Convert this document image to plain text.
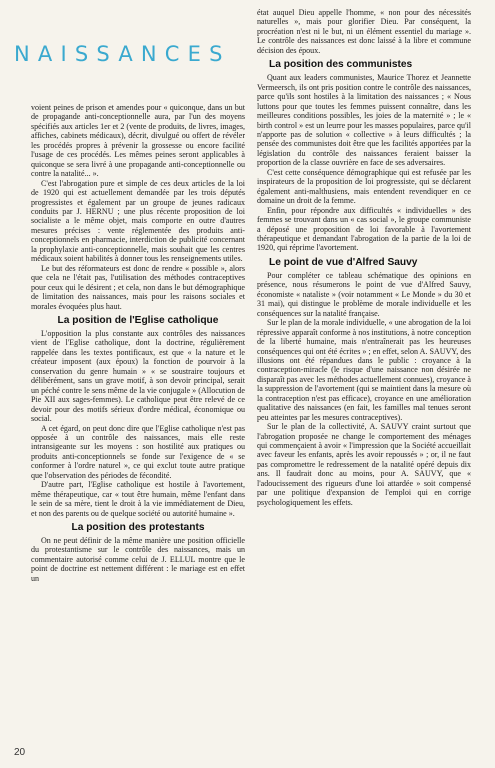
NAISSANCES

voient peines de prison et amendes pour « quiconque, dans un but de propagande anti-conceptionnelle aura, par l'un des moyens spécifiés aux articles 1er et 2 (vente de produits, de livres, images, affiches, cabinets médicaux), décrit, divulgué ou offert de révéler les procédés propres à prévenir la grossesse ou encore facilité l'usage de ces procédés. Les mêmes peines seront applicables à quiconque se sera livré à une propagande anti-conceptionnelle ou contre la natalité... ».

C'est l'abrogation pure et simple de ces deux articles de la loi de 1920 qui est actuellement demandée par les trois députés progressistes et également par un groupe de jeunes radicaux conduits par J. HERNU ; une plus récente proposition de loi socialiste a le même objet, mais comporte en outre d'autres mesures précises : vente réglementée des produits anti-conceptionnels en pharmacie, interdiction de publicité concernant la prophylaxie anti-conceptionnelle, mais souhait que les centres médicaux soient habilités à donner tous les renseignements utiles.

Le but des réformateurs est donc de rendre « possible », alors que cela ne l'était pas, l'utilisation des méthodes contraceptives pour ceux qui le désirent ; et cela, non dans le but démographique de limitation des naissances, mais pour les raisons sociales et morales évoquées plus haut.

La position de l'Eglise catholique

L'opposition la plus constante aux contrôles des naissances vient de l'Eglise catholique, dont la doctrine, régulièrement rappelée dans les textes pontificaux, est que « la nature et le créateur imposent (aux époux) la fonction de pourvoir à la conservation du genre humain » « se soustraire toujours et délibérément, sans un grave motif, à son devoir principal, serait un péché contre le sens même de la vie conjugale » (Allocution de Pie XII aux sages-femmes). Le catholique peut être relevé de ce devoir pour des motifs sérieux d'ordre médical, économique ou social.

A cet égard, on peut donc dire que l'Eglise catholique n'est pas opposée à un contrôle des naissances, mais elle reste intransigeante sur les moyens : son hostilité aux pratiques ou produits anti-conceptionnels se fonde sur l'exigence de « se conformer à l'ordre naturel », ce qui exclut toute autre pratique que l'observation des périodes de fécondité.

D'autre part, l'Eglise catholique est hostile à l'avortement, même thérapeutique, car « tout être humain, même l'enfant dans le sein de sa mère, tient le droit à la vie immédiatement de Dieu, et non des parents ou de quelque société ou autorité humaine ».

La position des protestants

On ne peut définir de la même manière une position officielle du protestantisme sur le contrôle des naissances, mais un commentaire autorisé comme celui de J. ELLUL montre que le point de doctrine est nettement différent : le mariage est en effet un

état auquel Dieu appelle l'homme, « non pour des nécessités naturelles », mais pour glorifier Dieu. Par conséquent, la procréation n'est ni le but, ni un élément essentiel du mariage ». Le contrôle des naissances est donc laissé à la libre et commune décision des époux.

La position des communistes

Quant aux leaders communistes, Maurice Thorez et Jeannette Vermeersch, ils ont pris position contre le contrôle des naissances, parce qu'ils sont hostiles à la limitation des naissances ; « Nous luttons pour que toutes les femmes puissent connaître, dans les meilleures conditions possibles, les joies de la maternité » ; le « birth control » est un leurre pour les masses populaires, parce qu'il n'apporte pas de solution « collective » à leurs difficultés ; la pensée des communistes doit être que les facilités apportées par la législation du contrôle des naissances feraient baisser la proportion de la classe ouvrière en face de ses adversaires.

C'est cette conséquence démographique qui est refusée par les inspirateurs de la proposition de loi progressiste, qui se déclarent également anti-malthusiens, mais entendent revendiquer en ce domaine un droit de la femme.

Enfin, pour répondre aux difficultés « individuelles » des femmes se trouvant dans un « cas social », le groupe communiste a déposé une proposition de loi favorable à l'avortement thérapeutique et demandant l'abrogation de la partie de la loi de 1920, qui réprime l'avortement.

Le point de vue d'Alfred Sauvy

Pour compléter ce tableau schématique des opinions en présence, nous résumerons le point de vue d'Alfred Sauvy, économiste « nataliste » (voir notamment « Le Monde » du 30 et 31 mai), qui distingue le problème de morale individuelle et les conséquences sur la natalité française.

Sur le plan de la morale individuelle, « une abrogation de la loi répressive apparaît conforme à nos institutions, à notre conception de la liberté humaine, mais n'entraînerait pas les heureuses conséquences qui ont été écrites » ; en effet, selon A. SAUVY, des illusions ont été répandues dans le public : croyance à la contraception-miracle (le risque d'une naissance non désirée ne disparaît pas avec les méthodes actuellement connues), croyance à la suppression de l'avortement (qui se maintient dans la mesure où la contraception n'est pas efficace), croyance en une amélioration qualitative des naissances (en fait, les familles mal tenues seront peu atteintes par les mesures contraceptives).

Sur le plan de la collectivité, A. SAUVY craint surtout que l'abrogation proposée ne change le comportement des ménages qui commençaient à avoir « l'impression que la Société accueillait avec faveur les enfants, après les avoir repoussés » ; or, il ne faut pas compromettre le redressement de la natalité opéré depuis dix ans. Il faudrait donc au moins, pour A. SAUVY, que « l'adoucissement des rigueurs d'une loi attardée » soit compensé par une politique d'expansion de l'emploi qui en corrige psychologiquement les effets.

20
